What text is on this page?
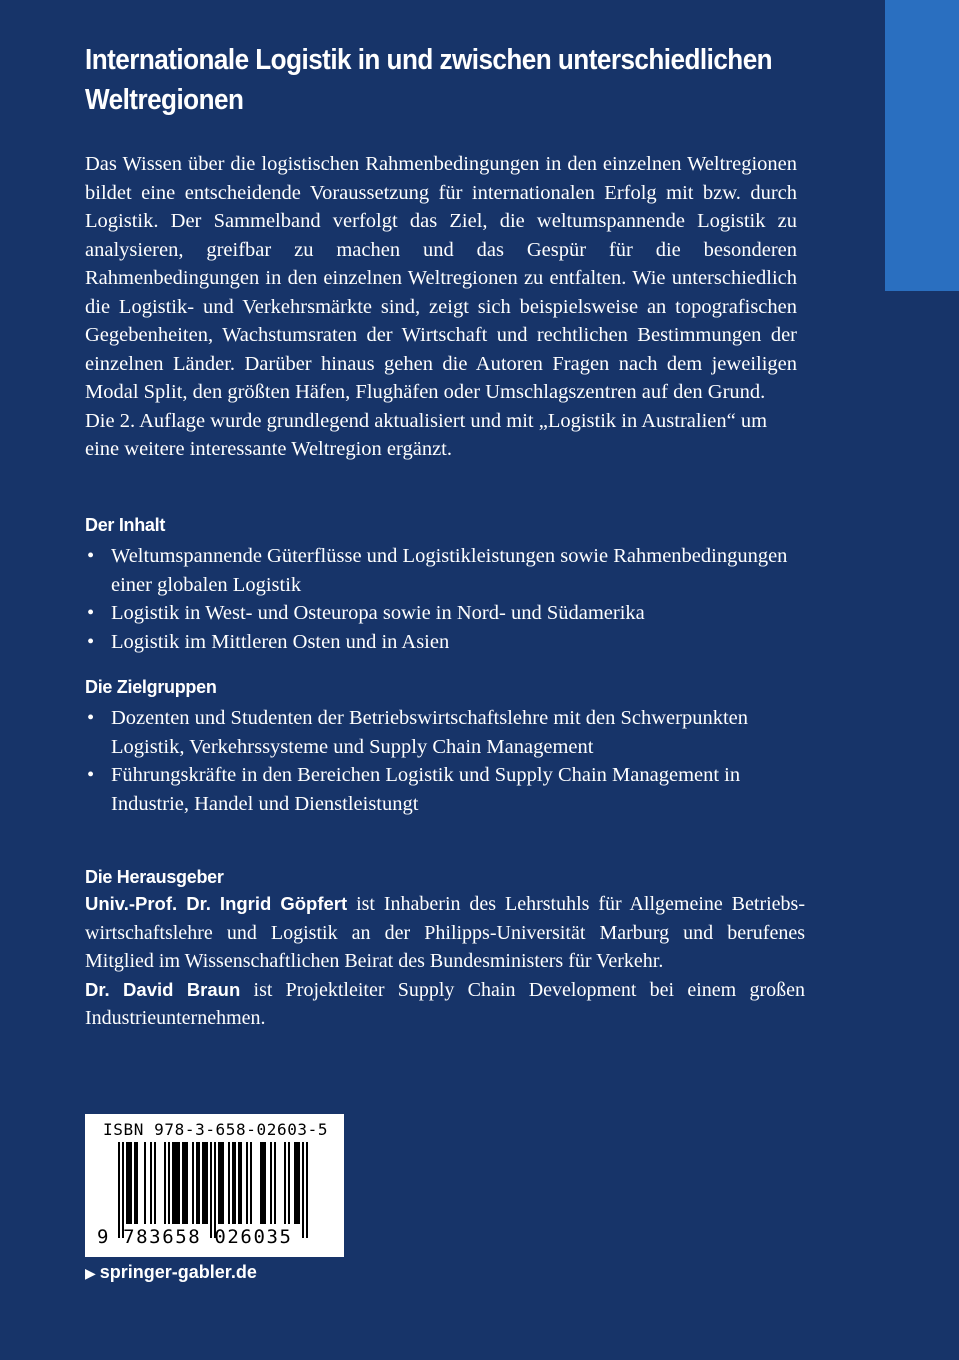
Internationale Logistik in und zwischen unterschiedlichen Weltregionen

Das Wissen über die logistischen Rahmenbedingungen in den einzelnen Weltregionen bildet eine entscheidende Voraussetzung für internationalen Erfolg mit bzw. durch Logistik. Der Sammelband verfolgt das Ziel, die weltumspannende Logistik zu analysieren, greifbar zu machen und das Gespür für die besonderen Rahmenbedingungen in den einzelnen Weltregionen zu entfalten. Wie unterschiedlich die Logistik- und Verkehrsmärkte sind, zeigt sich beispielsweise an topografischen Gegebenheiten, Wachstumsraten der Wirtschaft und rechtlichen Bestimmungen der einzelnen Länder. Darüber hinaus gehen die Autoren Fragen nach dem jeweiligen Modal Split, den größten Häfen, Flughäfen oder Umschlagszentren auf den Grund.

Die 2. Auflage wurde grundlegend aktualisiert und mit „Logistik in Australien“ um eine weitere interessante Weltregion ergänzt.

Der Inhalt
• Weltumspannende Güterflüsse und Logistikleistungen sowie Rahmenbedingungen einer globalen Logistik
• Logistik in West- und Osteuropa sowie in Nord- und Südamerika
• Logistik im Mittleren Osten und in Asien
Die Zielgruppen
• Dozenten und Studenten der Betriebswirtschaftslehre mit den Schwerpunkten Logistik, Verkehrssysteme und Supply Chain Management
• Führungskräfte in den Bereichen Logistik und Supply Chain Management in Industrie, Handel und Dienstleistungt
Die Herausgeber

Univ.-Prof. Dr. Ingrid Göpfert ist Inhaberin des Lehrstuhls für Allgemeine Betriebswirtschaftslehre und Logistik an der Philipps-Universität Marburg und berufenes Mitglied im Wissenschaftlichen Beirat des Bundesministers für Verkehr.

Dr. David Braun ist Projektleiter Supply Chain Development bei einem großen Industrieunternehmen.

ISBN 978-3-658-02603-5
9 783658 026035
▶ springer-gabler.de
